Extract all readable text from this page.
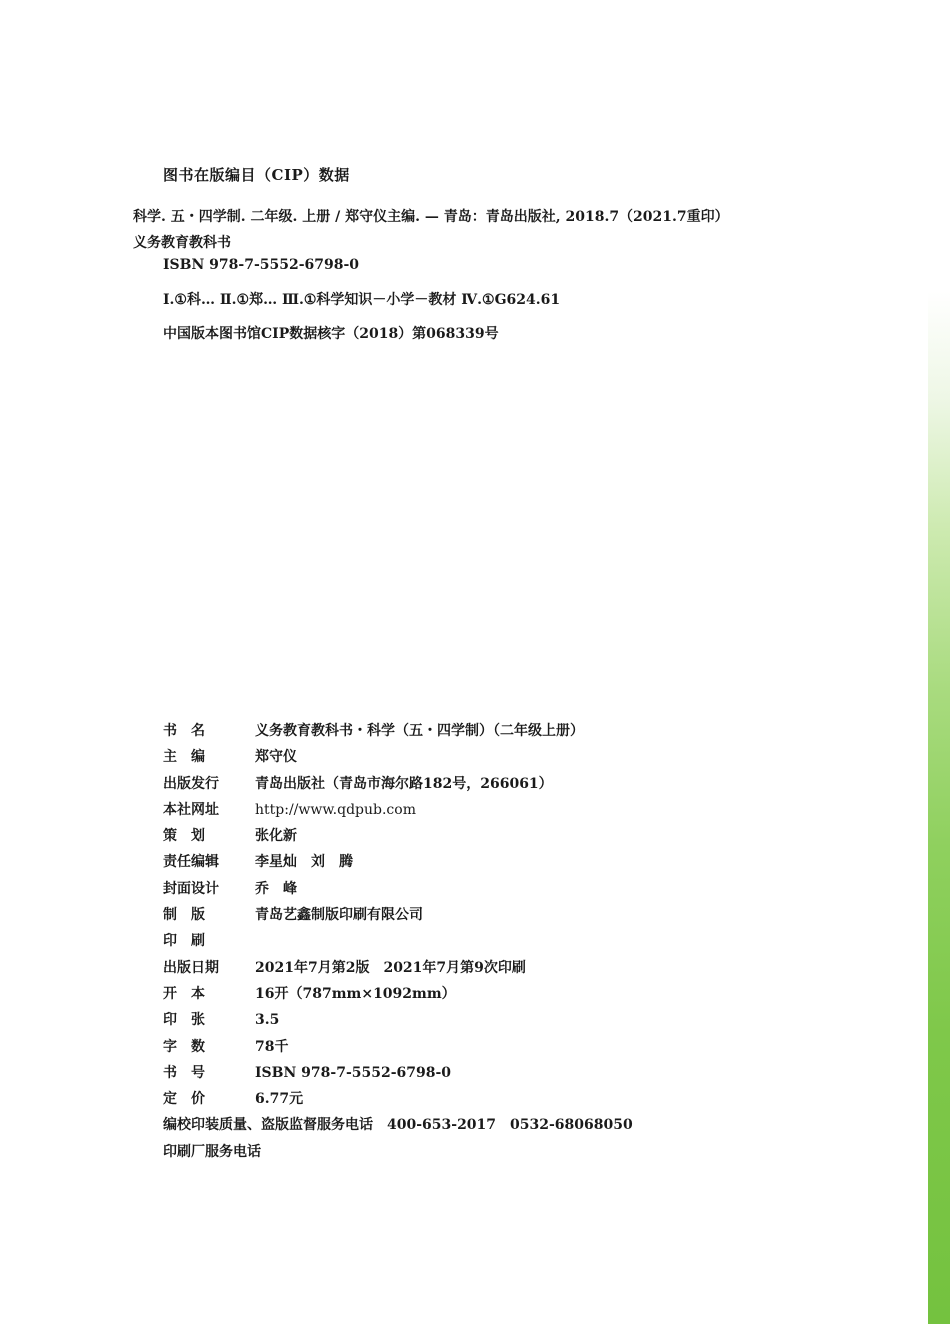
图书在版编目（CIP）数据
科学. 五・四学制. 二年级. 上册 / 郑守仪主编. — 青岛：青岛出版社, 2018.7（2021.7重印）
义务教育教科书
ISBN 978-7-5552-6798-0
Ⅰ.①科… Ⅱ.①郑… Ⅲ.①科学知识－小学－教材 Ⅳ.①G624.61
中国版本图书馆CIP数据核字（2018）第068339号
书　名	义务教育教科书・科学（五・四学制）（二年级上册）
主　编	郑守仪
出版发行	青岛出版社（青岛市海尔路182号，266061）
本社网址	http://www.qdpub.com
策　划	张化新
责任编辑	李星灿　刘　腾
封面设计	乔　峰
制　版	青岛艺鑫制版印刷有限公司
印　刷
出版日期	2021年7月第2版　2021年7月第9次印刷
开　本	16开（787mm×1092mm）
印　张	3.5
字　数	78千
书　号	ISBN 978-7-5552-6798-0
定　价	6.77元
编校印装质量、盗版监督服务电话　400-653-2017　0532-68068050
印刷厂服务电话
